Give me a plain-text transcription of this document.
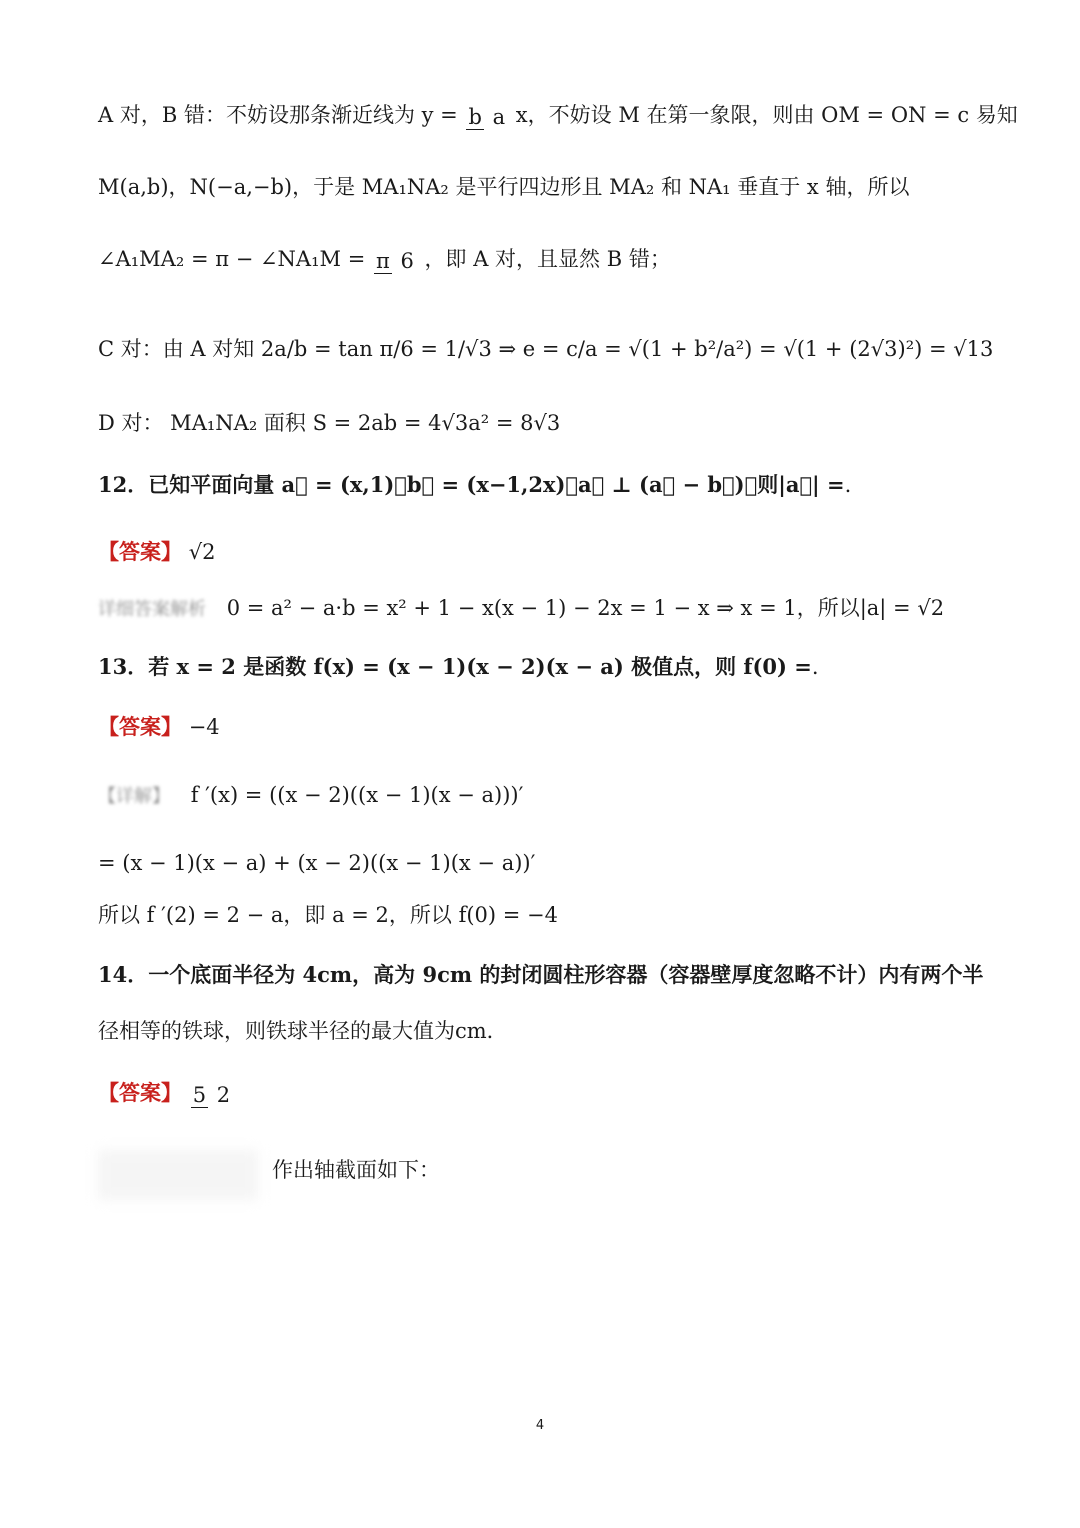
A 对，B 错：不妨设那条渐近线为 y = b a x，不妨设 M 在第一象限，则由 OM = ON = c 易知
M(a,b)，N(−a,−b)，于是 MA₁NA₂ 是平行四边形且 MA₂ 和 NA₁ 垂直于 x 轴，所以
∠A₁MA₂ = π − ∠NA₁M = π 6 ，即 A 对，且显然 B 错；
C 对：由 A 对知 2a/b = tan π/6 = 1/√3 ⇒ e = c/a = √(1 + b²/a²) = √(1 + (2√3)²) = √13
D 对： MA₁NA₂ 面积 S = 2ab = 4√3a² = 8√3
12．已知平面向量 a⃗ = (x,1)，b⃗ = (x−1,2x)，a⃗ ⊥ (a⃗ − b⃗)，则|a⃗| =.
【答案】 √2
详细答案解析 0 = a² − a·b = x² + 1 − x(x − 1) − 2x = 1 − x ⇒ x = 1，所以|a| = √2
13．若 x = 2 是函数 f(x) = (x − 1)(x − 2)(x − a) 极值点，则 f(0) =.
【答案】 −4
【详解】 f ′(x) = ((x − 2)((x − 1)(x − a)))′
= (x − 1)(x − a) + (x − 2)((x − 1)(x − a))′
所以 f ′(2) = 2 − a，即 a = 2，所以 f(0) = −4
14．一个底面半径为 4cm，高为 9cm 的封闭圆柱形容器（容器壁厚度忽略不计）内有两个半
径相等的铁球，则铁球半径的最大值为cm．
【答案】 5 2
作出轴截面如下：
4
